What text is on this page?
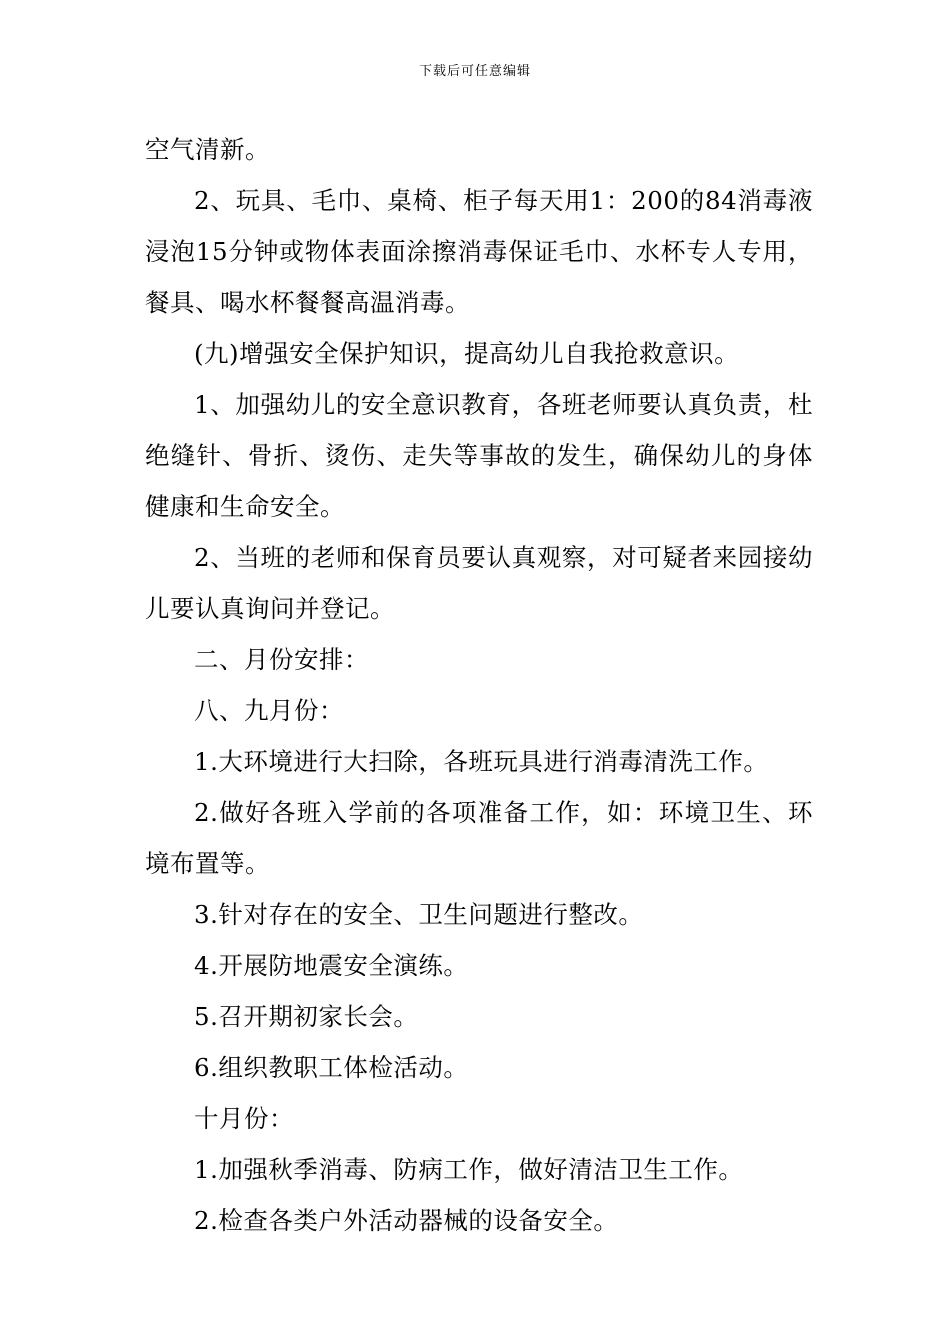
下载后可任意编辑

空气清新。

2、玩具、毛巾、桌椅、柜子每天用1：200的84消毒液浸泡15分钟或物体表面涂擦消毒保证毛巾、水杯专人专用，餐具、喝水杯餐餐高温消毒。

(九)增强安全保护知识，提高幼儿自我抢救意识。

1、加强幼儿的安全意识教育，各班老师要认真负责，杜绝缝针、骨折、烫伤、走失等事故的发生，确保幼儿的身体健康和生命安全。

2、当班的老师和保育员要认真观察，对可疑者来园接幼儿要认真询问并登记。

二、月份安排：

八、九月份：

1.大环境进行大扫除，各班玩具进行消毒清洗工作。

2.做好各班入学前的各项准备工作，如：环境卫生、环境布置等。

3.针对存在的安全、卫生问题进行整改。

4.开展防地震安全演练。

5.召开期初家长会。

6.组织教职工体检活动。

十月份：

1.加强秋季消毒、防病工作，做好清洁卫生工作。

2.检查各类户外活动器械的设备安全。
